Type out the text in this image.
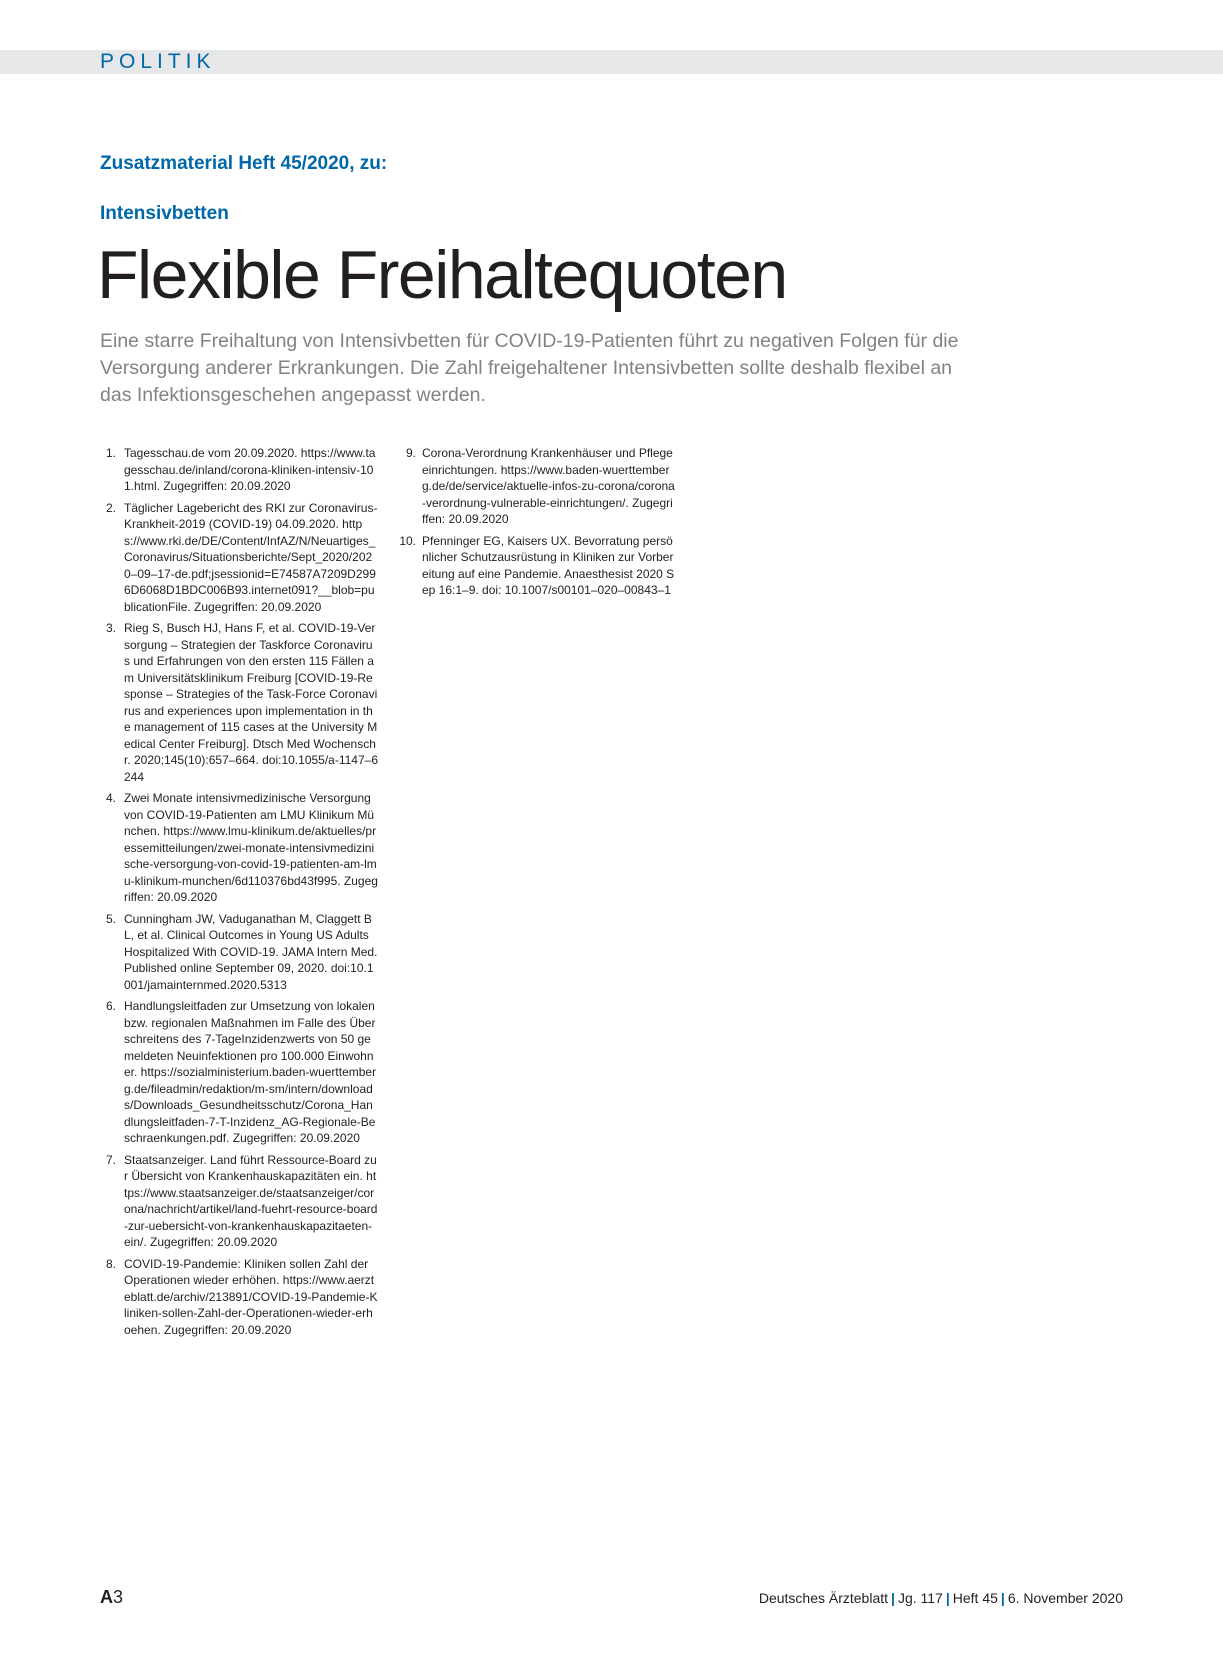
POLITIK
Zusatzmaterial Heft 45/2020, zu:
Intensivbetten
Flexible Freihaltequoten

Eine starre Freihaltung von Intensivbetten für COVID-19-Patienten führt zu negativen Folgen für die Versorgung anderer Erkrankungen. Die Zahl freigehaltener Intensivbetten sollte deshalb flexibel an das Infektionsgeschehen angepasst werden.

1. Tagesschau.de vom 20.09.2020. https://www.tagesschau.de/inland/corona-kliniken-intensiv-101.html. Zugegriffen: 20.09.2020
2. Täglicher Lagebericht des RKI zur Coronavirus-Krankheit-2019 (COVID-19) 04.09.2020. https://www.rki.de/DE/Content/InfAZ/N/Neuartiges_Coronavirus/Situationsberichte/Sept_2020/2020–09–17-de.pdf;jsessionid=E74587A7209D2996D6068D1BDC006B93.internet091?__blob=publicationFile. Zugegriffen: 20.09.2020
3. Rieg S, Busch HJ, Hans F, et al. COVID-19-Versorgung – Strategien der Taskforce Coronavirus und Erfahrungen von den ersten 115 Fällen am Universitätsklinikum Freiburg [COVID-19-Response – Strategies of the Task-Force Coronavirus and experiences upon implementation in the management of 115 cases at the University Medical Center Freiburg]. Dtsch Med Wochenschr. 2020;145(10):657–664. doi:10.1055/a-1147–6244
4. Zwei Monate intensivmedizinische Versorgung von COVID-19-Patienten am LMU Klinikum München. https://www.lmu-klinikum.de/aktuelles/pressemitteilungen/zwei-monate-intensivmedizinische-versorgung-von-covid-19-patienten-am-lmu-klinikum-munchen/6d110376bd43f995. Zugegriffen: 20.09.2020
5. Cunningham JW, Vaduganathan M, Claggett BL, et al. Clinical Outcomes in Young US Adults Hospitalized With COVID-19. JAMA Intern Med. Published online September 09, 2020. doi:10.1001/jamainternmed.2020.5313
6. Handlungsleitfaden zur Umsetzung von lokalen bzw. regionalen Maßnahmen im Falle des Überschreitens des 7-TageInzidenzwerts von 50 gemeldeten Neuinfektionen pro 100.000 Einwohner. https://sozialministerium.baden-wuerttemberg.de/fileadmin/redaktion/m-sm/intern/downloads/Downloads_Gesundheitsschutz/Corona_Handlungsleitfaden-7-T-Inzidenz_AG-Regionale-Beschraenkungen.pdf. Zugegriffen: 20.09.2020
7. Staatsanzeiger. Land führt Ressource-Board zur Übersicht von Krankenhauskapazitäten ein. https://www.staatsanzeiger.de/staatsanzeiger/corona/nachricht/artikel/land-fuehrt-resource-board-zur-uebersicht-von-krankenhauskapazitaeten-ein/. Zugegriffen: 20.09.2020
8. COVID-19-Pandemie: Kliniken sollen Zahl der Operationen wieder erhöhen. https://www.aerzteblatt.de/archiv/213891/COVID-19-Pandemie-Kliniken-sollen-Zahl-der-Operationen-wieder-erhoehen. Zugegriffen: 20.09.2020
9. Corona-Verordnung Krankenhäuser und Pflegeeinrichtungen. https://www.baden-wuerttemberg.de/de/service/aktuelle-infos-zu-corona/corona-verordnung-vulnerable-einrichtungen/. Zugegriffen: 20.09.2020
10. Pfenninger EG, Kaisers UX. Bevorratung persönlicher Schutzausrüstung in Kliniken zur Vorbereitung auf eine Pandemie. Anaesthesist 2020 Sep 16:1–9. doi: 10.1007/s00101–020–00843–1
A3	Deutsches Ärzteblatt | Jg. 117 | Heft 45 | 6. November 2020
